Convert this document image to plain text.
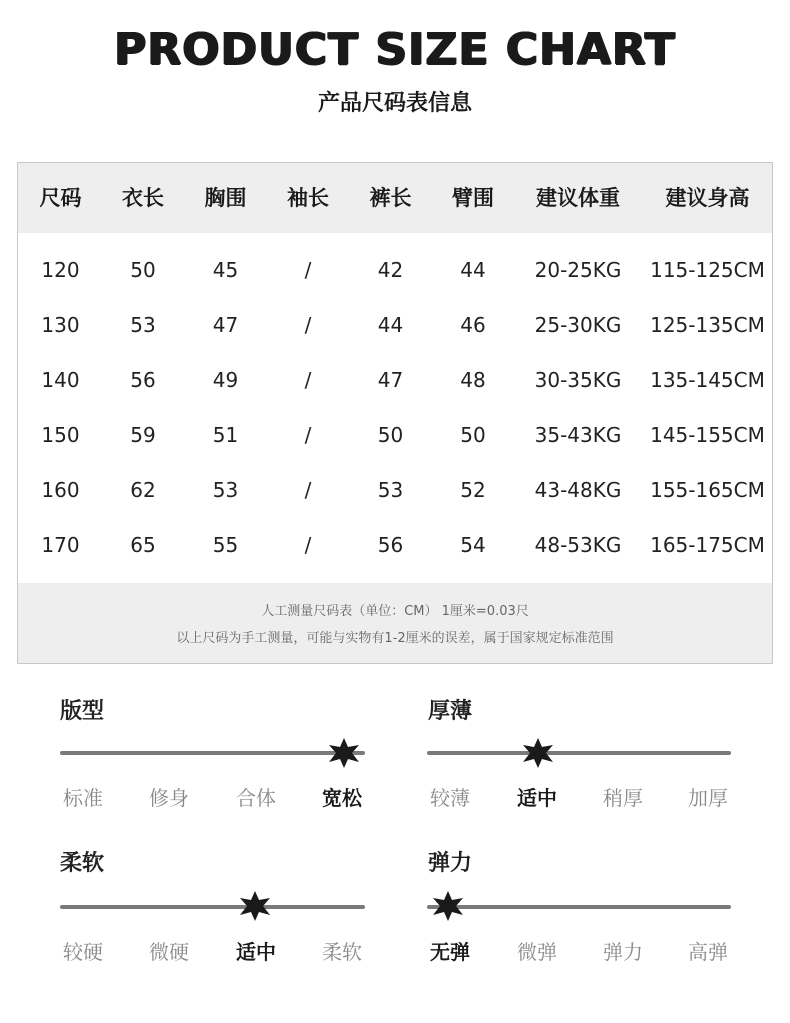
PRODUCT SIZE CHART
产品尺码表信息
尺码	衣长	胸围	袖长	裤长	臂围	建议体重	建议身高
120	50	45	/	42	44	20-25KG	115-125CM
130	53	47	/	44	46	25-30KG	125-135CM
140	56	49	/	47	48	30-35KG	135-145CM
150	59	51	/	50	50	35-43KG	145-155CM
160	62	53	/	53	52	43-48KG	155-165CM
170	65	55	/	56	54	48-53KG	165-175CM
人工测量尺码表（单位：CM） 1厘米=0.03尺
以上尺码为手工测量，可能与实物有1-2厘米的误差，属于国家规定标准范围
版型
标准	修身	合体	宽松
厚薄
较薄	适中	稍厚	加厚
柔软
较硬	微硬	适中	柔软
弹力
无弹	微弹	弹力	高弹
